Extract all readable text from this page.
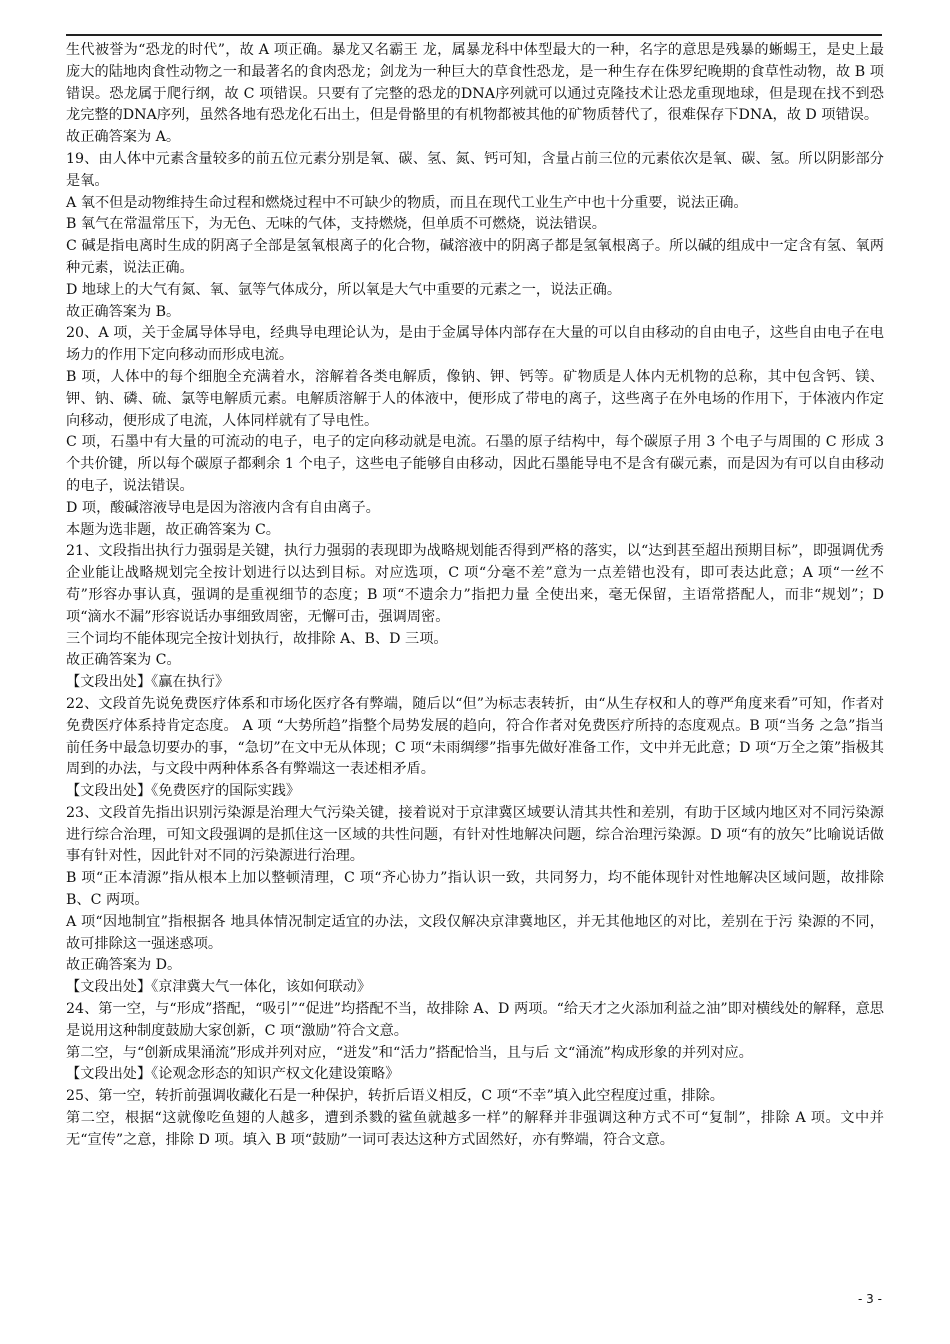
生代被誉为“恐龙的时代”，故 A 项正确。暴龙又名霸王 龙，属暴龙科中体型最大的一种，名字的意思是残暴的蜥蜴王，是史上最庞大的陆地肉食性动物之一和最著名的食肉恐龙；剑龙为一种巨大的草食性恐龙，是一种生存在侏罗纪晚期的食草性动物，故 B 项错误。恐龙属于爬行纲，故 C 项错误。只要有了完整的恐龙的DNA序列就可以通过克隆技术让恐龙重现地球，但是现在找不到恐龙完整的DNA序列，虽然各地有恐龙化石出土，但是骨骼里的有机物都被其他的矿物质替代了，很难保存下DNA，故 D 项错误。

故正确答案为 A。

19、由人体中元素含量较多的前五位元素分别是氧、碳、氢、氮、钙可知，含量占前三位的元素依次是氧、碳、氢。所以阴影部分是氧。

A 氧不但是动物维持生命过程和燃烧过程中不可缺少的物质，而且在现代工业生产中也十分重要，说法正确。

B 氧气在常温常压下，为无色、无味的气体，支持燃烧，但单质不可燃烧，说法错误。

C 碱是指电离时生成的阴离子全部是氢氧根离子的化合物，碱溶液中的阴离子都是氢氧根离子。所以碱的组成中一定含有氢、氧两种元素，说法正确。

D 地球上的大气有氮、氧、氩等气体成分，所以氧是大气中重要的元素之一，说法正确。

故正确答案为 B。

20、A 项，关于金属导体导电，经典导电理论认为，是由于金属导体内部存在大量的可以自由移动的自由电子，这些自由电子在电场力的作用下定向移动而形成电流。

B 项，人体中的每个细胞全充满着水，溶解着各类电解质，像钠、钾、钙等。矿物质是人体内无机物的总称，其中包含钙、镁、钾、钠、磷、硫、氯等电解质元素。电解质溶解于人的体液中，便形成了带电的离子，这些离子在外电场的作用下，于体液内作定向移动，便形成了电流，人体同样就有了导电性。

C 项，石墨中有大量的可流动的电子，电子的定向移动就是电流。石墨的原子结构中，每个碳原子用 3 个电子与周围的 C 形成 3 个共价键，所以每个碳原子都剩余 1 个电子，这些电子能够自由移动，因此石墨能导电不是含有碳元素，而是因为有可以自由移动的电子，说法错误。

D 项，酸碱溶液导电是因为溶液内含有自由离子。

本题为选非题，故正确答案为 C。

21、文段指出执行力强弱是关键，执行力强弱的表现即为战略规划能否得到严格的落实，以“达到甚至超出预期目标”，即强调优秀企业能让战略规划完全按计划进行以达到目标。对应选项，C 项“分毫不差”意为一点差错也没有，即可表达此意；A 项“一丝不苟”形容办事认真，强调的是重视细节的态度；B 项“不遗余力”指把力量 全使出来，毫无保留，主语常搭配人，而非“规划”；D 项“滴水不漏”形容说话办事细致周密，无懈可击，强调周密。

三个词均不能体现完全按计划执行，故排除 A、B、D 三项。

故正确答案为 C。

【文段出处】《赢在执行》

22、文段首先说免费医疗体系和市场化医疗各有弊端，随后以“但”为标志表转折，由“从生存权和人的尊严角度来看”可知，作者对免费医疗体系持肯定态度。 A 项 “大势所趋”指整个局势发展的趋向，符合作者对免费医疗所持的态度观点。B 项“当务 之急”指当前任务中最急切要办的事，“急切”在文中无从体现；C 项“未雨绸缪”指事先做好准备工作，文中并无此意；D 项“万全之策”指极其周到的办法，与文段中两种体系各有弊端这一表述相矛盾。

【文段出处】《免费医疗的国际实践》

23、文段首先指出识别污染源是治理大气污染关键，接着说对于京津冀区域要认清其共性和差别，有助于区域内地区对不同污染源进行综合治理，可知文段强调的是抓住这一区域的共性问题，有针对性地解决问题，综合治理污染源。D 项“有的放矢”比喻说话做事有针对性，因此针对不同的污染源进行治理。

B 项“正本清源”指从根本上加以整顿清理，C 项“齐心协力”指认识一致，共同努力，均不能体现针对性地解决区域问题，故排除 B、C 两项。

A 项“因地制宜”指根据各 地具体情况制定适宜的办法，文段仅解决京津冀地区，并无其他地区的对比，差别在于污 染源的不同，故可排除这一强迷惑项。

故正确答案为 D。

【文段出处】《京津冀大气一体化，该如何联动》

24、第一空，与“形成”搭配，“吸引”“促进”均搭配不当，故排除 A、D 两项。“给天才之火添加利益之油”即对横线处的解释，意思是说用这种制度鼓励大家创新，C 项“激励”符合文意。

第二空，与“创新成果涌流”形成并列对应，“迸发”和“活力”搭配恰当，且与后 文“涌流”构成形象的并列对应。

【文段出处】《论观念形态的知识产权文化建设策略》

25、第一空，转折前强调收藏化石是一种保护，转折后语义相反，C 项“不幸”填入此空程度过重，排除。

第二空，根据“这就像吃鱼翅的人越多，遭到杀戮的鲨鱼就越多一样”的解释并非强调这种方式不可“复制”，排除 A 项。文中并无“宣传”之意，排除 D 项。填入 B 项“鼓励”一词可表达这种方式固然好，亦有弊端，符合文意。

- 3 -
